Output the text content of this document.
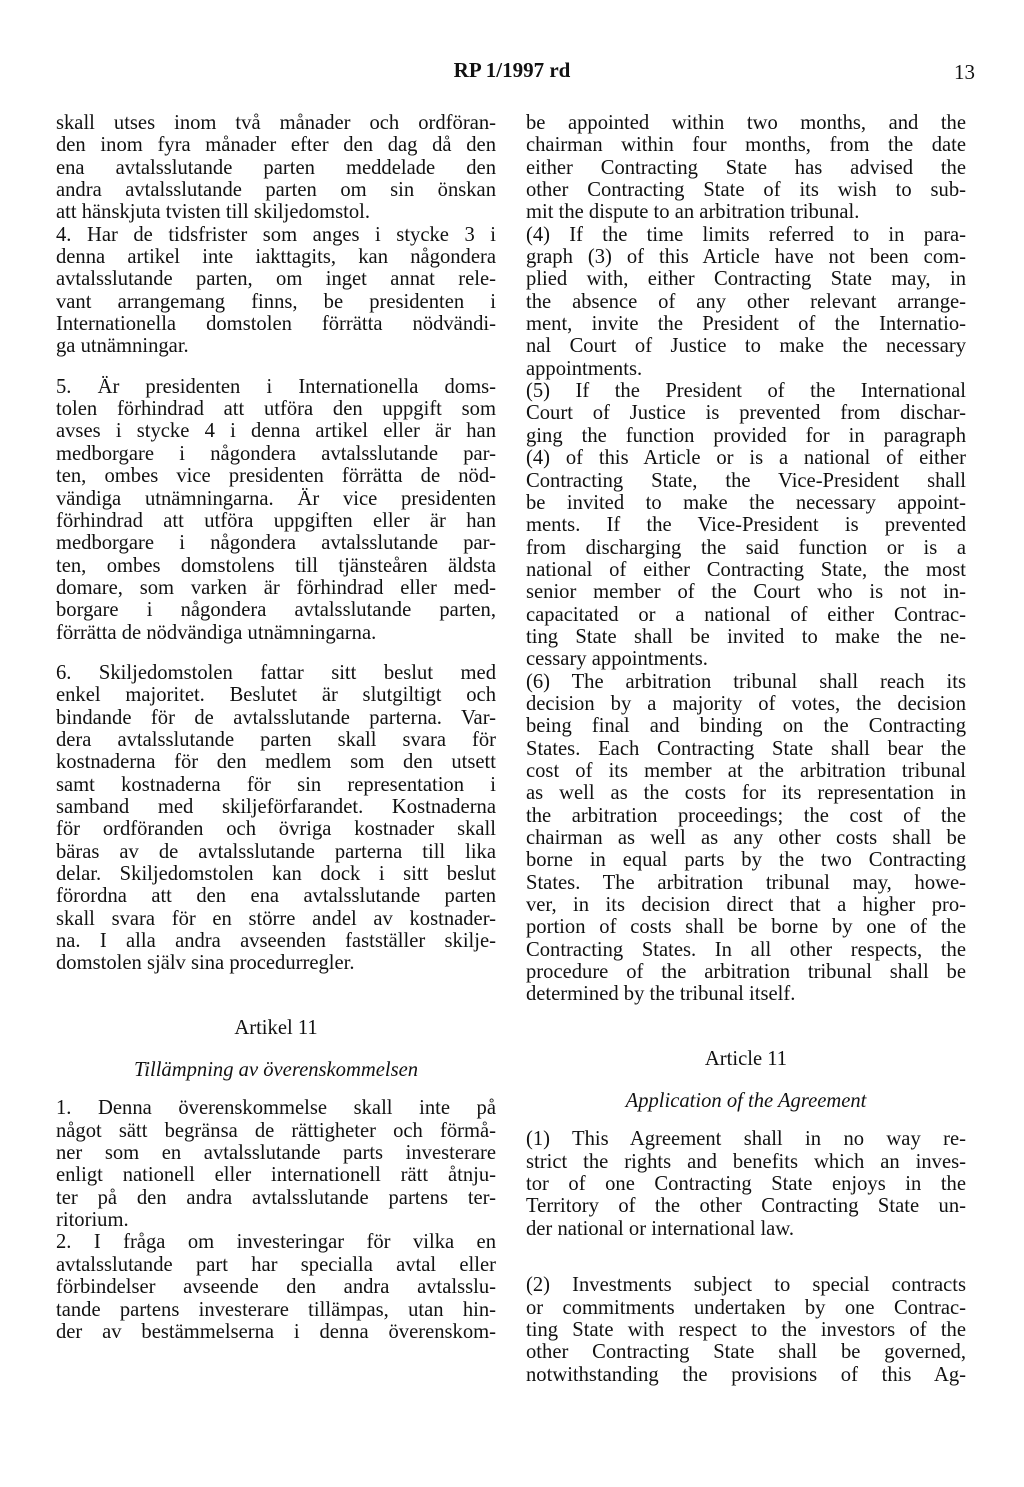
RP 1/1997 rd	13
skall utses inom två månader och ordföran-
den inom fyra månader efter den dag då den
ena avtalsslutande parten meddelade den
andra avtalsslutande parten om sin önskan
att hänskjuta tvisten till skiljedomstol.
4. Har de tidsfrister som anges i stycke 3 i
denna artikel inte iakttagits, kan någondera
avtalsslutande parten, om inget annat rele-
vant arrangemang finns, be presidenten i
Internationella domstolen förrätta nödvändi-
ga utnämningar.
5. Är presidenten i Internationella doms-
tolen förhindrad att utföra den uppgift som
avses i stycke 4 i denna artikel eller är han
medborgare i någondera avtalsslutande par-
ten, ombes vice presidenten förrätta de nöd-
vändiga utnämningarna. Är vice presidenten
förhindrad att utföra uppgiften eller är han
medborgare i någondera avtalsslutande par-
ten, ombes domstolens till tjänsteåren äldsta
domare, som varken är förhindrad eller med-
borgare i någondera avtalsslutande parten,
förrätta de nödvändiga utnämningarna.
6. Skiljedomstolen fattar sitt beslut med
enkel majoritet. Beslutet är slutgiltigt och
bindande för de avtalsslutande parterna. Var-
dera avtalsslutande parten skall svara för
kostnaderna för den medlem som den utsett
samt kostnaderna för sin representation i
samband med skiljeförfarandet. Kostnaderna
för ordföranden och övriga kostnader skall
bäras av de avtalsslutande parterna till lika
delar. Skiljedomstolen kan dock i sitt beslut
förordna att den ena avtalsslutande parten
skall svara för en större andel av kostnader-
na. I alla andra avseenden fastställer skilje-
domstolen själv sina procedurregler.
Artikel 11
Tillämpning av överenskommelsen
1. Denna överenskommelse skall inte på
något sätt begränsa de rättigheter och förmå-
ner som en avtalsslutande parts investerare
enligt nationell eller internationell rätt åtnju-
ter på den andra avtalsslutande partens ter-
ritorium.
2. I fråga om investeringar för vilka en
avtalsslutande part har specialla avtal eller
förbindelser avseende den andra avtalsslu-
tande partens investerare tillämpas, utan hin-
der av bestämmelserna i denna överenskom-
be appointed within two months, and the
chairman within four months, from the date
either Contracting State has advised the
other Contracting State of its wish to sub-
mit the dispute to an arbitration tribunal.
(4) If the time limits referred to in para-
graph (3) of this Article have not been com-
plied with, either Contracting State may, in
the absence of any other relevant arrange-
ment, invite the President of the Internatio-
nal Court of Justice to make the necessary
appointments.
(5) If the President of the International
Court of Justice is prevented from dischar-
ging the function provided for in paragraph
(4) of this Article or is a national of either
Contracting State, the Vice-President shall
be invited to make the necessary appoint-
ments. If the Vice-President is prevented
from discharging the said function or is a
national of either Contracting State, the most
senior member of the Court who is not in-
capacitated or a national of either Contrac-
ting State shall be invited to make the ne-
cessary appointments.
(6) The arbitration tribunal shall reach its
decision by a majority of votes, the decision
being final and binding on the Contracting
States. Each Contracting State shall bear the
cost of its member at the arbitration tribunal
as well as the costs for its representation in
the arbitration proceedings; the cost of the
chairman as well as any other costs shall be
borne in equal parts by the two Contracting
States. The arbitration tribunal may, howe-
ver, in its decision direct that a higher pro-
portion of costs shall be borne by one of the
Contracting States. In all other respects, the
procedure of the arbitration tribunal shall be
determined by the tribunal itself.
Article 11
Application of the Agreement
(1) This Agreement shall in no way re-
strict the rights and benefits which an inves-
tor of one Contracting State enjoys in the
Territory of the other Contracting State un-
der national or international law.
(2) Investments subject to special contracts
or commitments undertaken by one Contrac-
ting State with respect to the investors of the
other Contracting State shall be governed,
notwithstanding the provisions of this Ag-
